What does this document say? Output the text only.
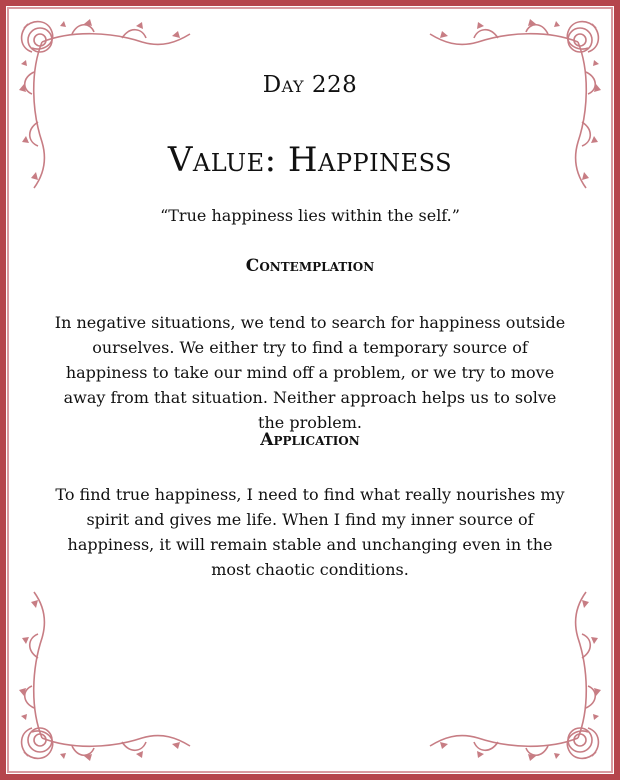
Day 228
Value: Happiness
“True happiness lies within the self.”
Contemplation
In negative situations, we tend to search for happiness outside ourselves. We either try to find a temporary source of happiness to take our mind off a problem, or we try to move away from that situation. Neither approach helps us to solve the problem.
Application
To find true happiness, I need to find what really nourishes my spirit and gives me life. When I find my inner source of happiness, it will remain stable and unchanging even in the most chaotic conditions.
